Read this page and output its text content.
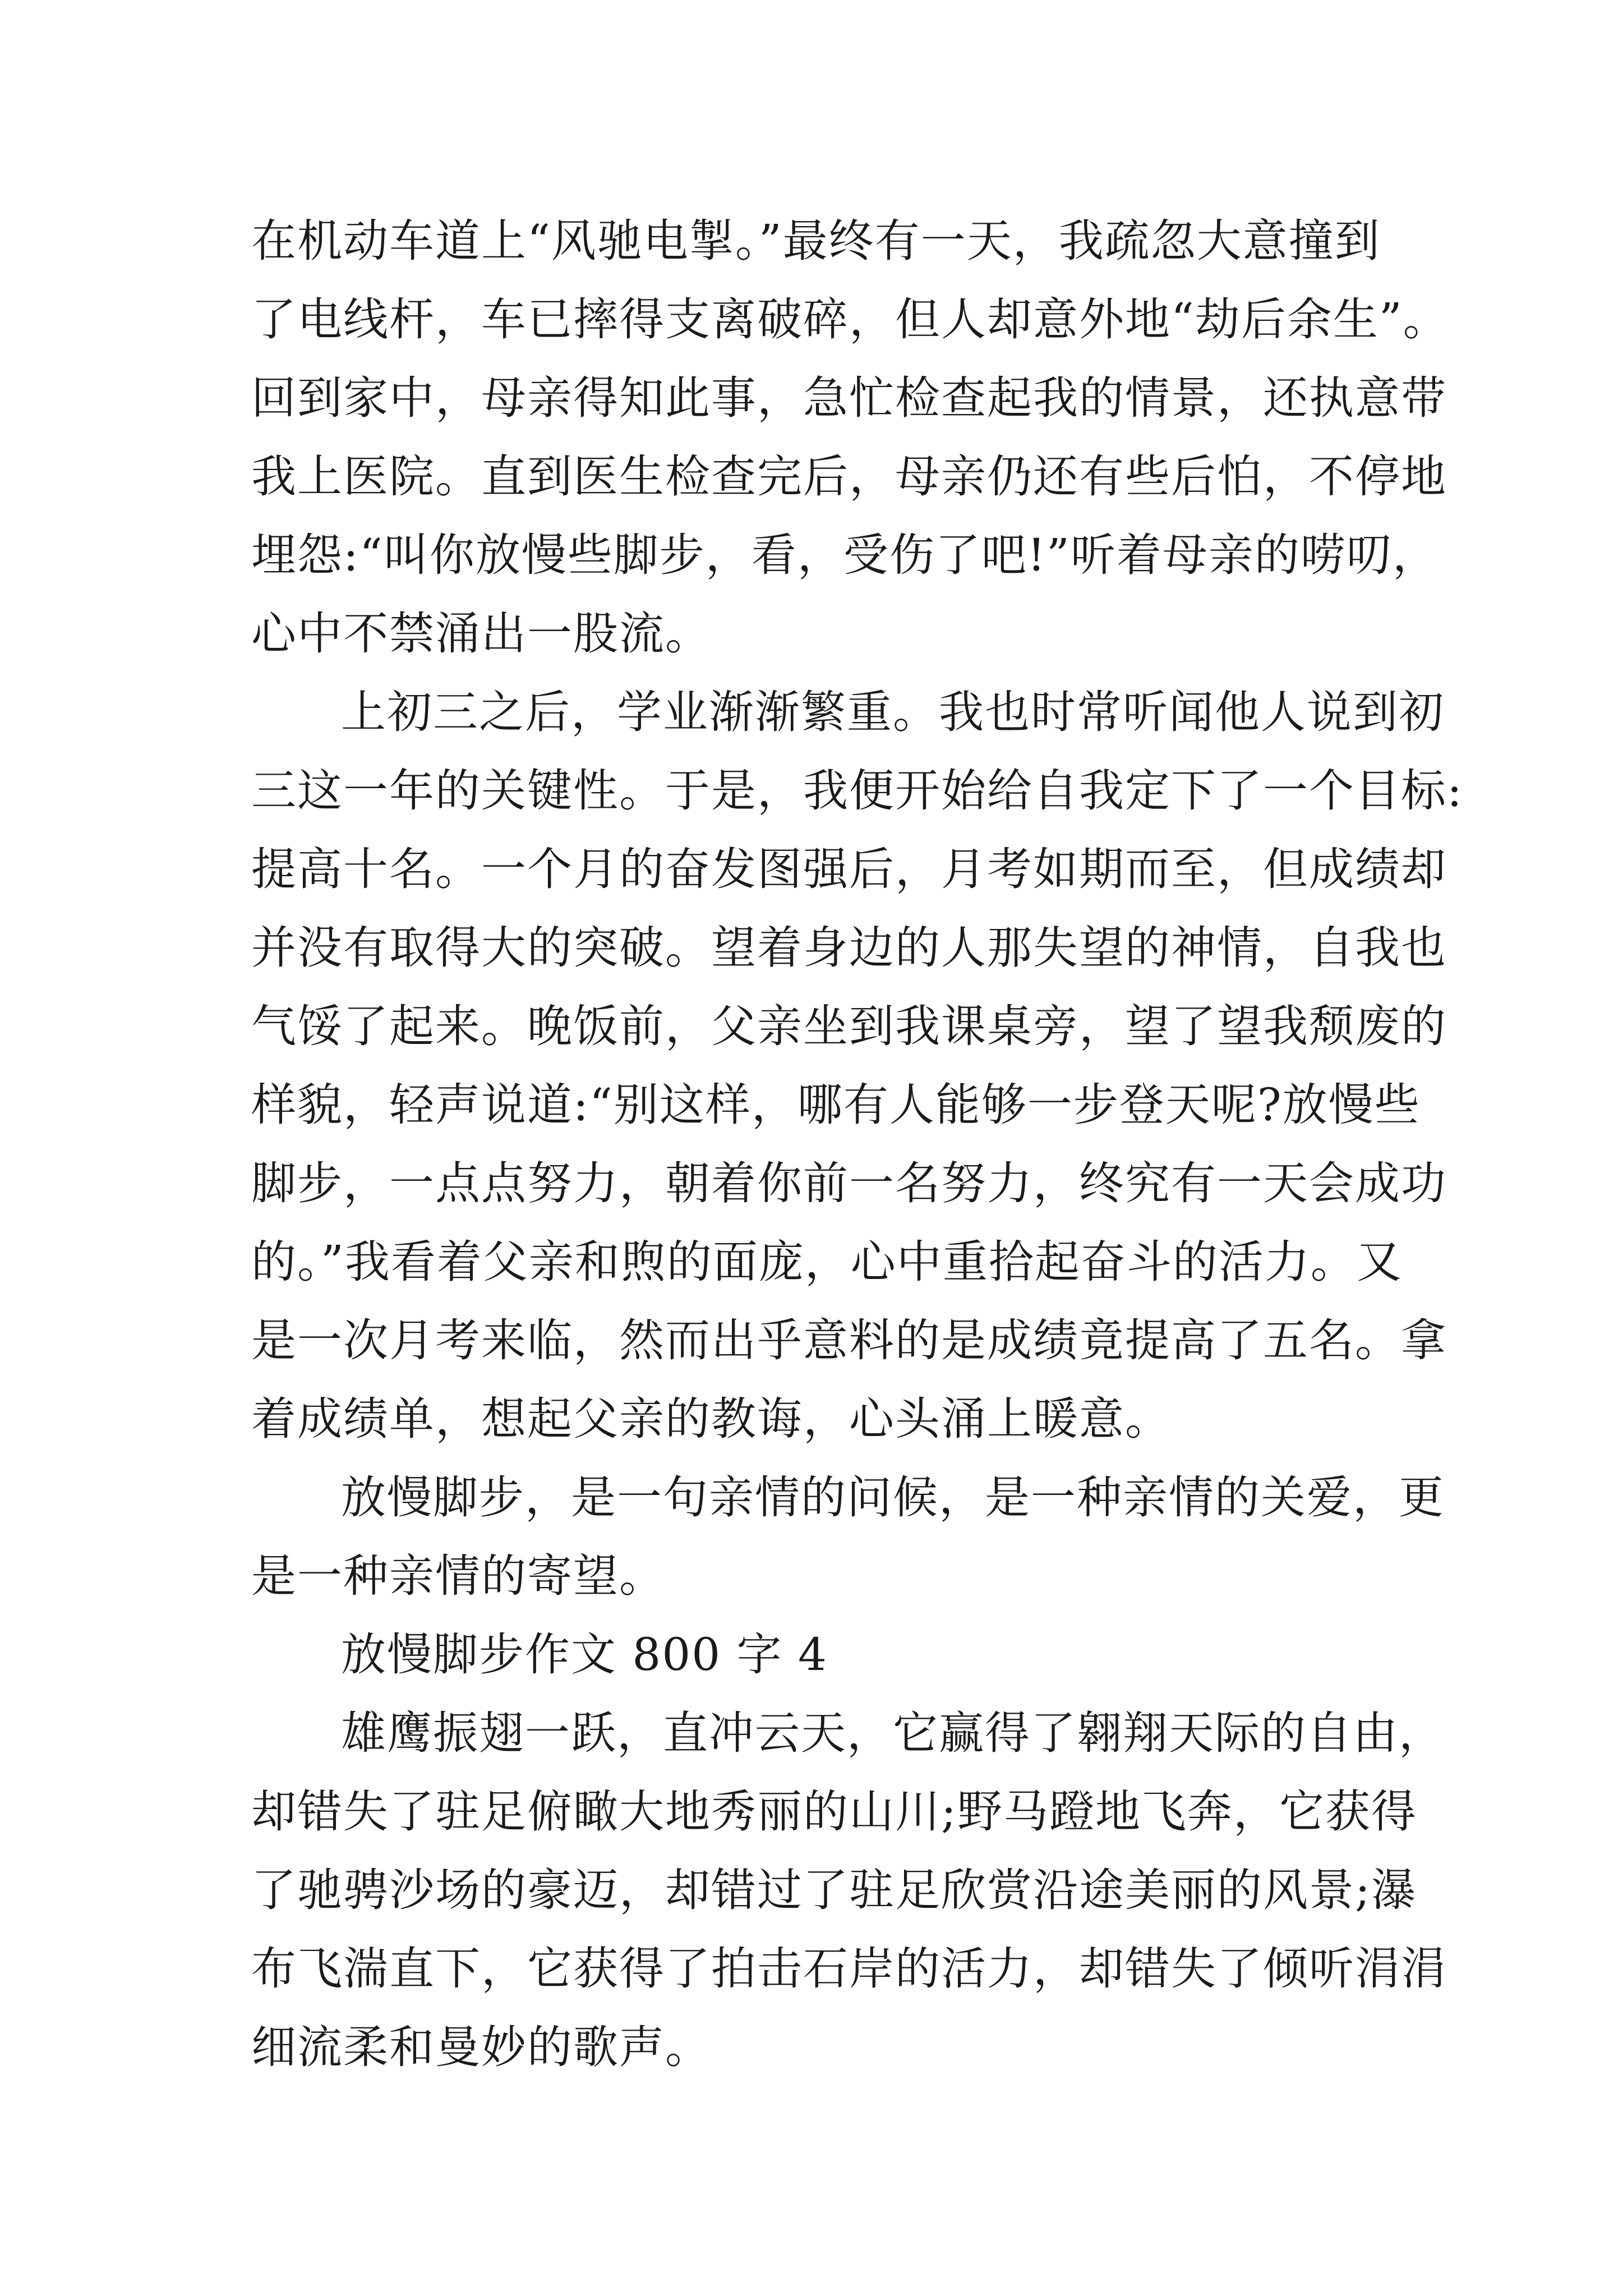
在机动车道上“风驰电掣。”最终有一天，我疏忽大意撞到
了电线杆，车已摔得支离破碎，但人却意外地“劫后余生”。
回到家中，母亲得知此事，急忙检查起我的情景，还执意带
我上医院。直到医生检查完后，母亲仍还有些后怕，不停地
埋怨:“叫你放慢些脚步，看，受伤了吧!”听着母亲的唠叨，
心中不禁涌出一股流。
上初三之后，学业渐渐繁重。我也时常听闻他人说到初
三这一年的关键性。于是，我便开始给自我定下了一个目标:
提高十名。一个月的奋发图强后，月考如期而至，但成绩却
并没有取得大的突破。望着身边的人那失望的神情，自我也
气馁了起来。晚饭前，父亲坐到我课桌旁，望了望我颓废的
样貌，轻声说道:“别这样，哪有人能够一步登天呢?放慢些
脚步，一点点努力，朝着你前一名努力，终究有一天会成功
的。”我看着父亲和煦的面庞，心中重拾起奋斗的活力。又
是一次月考来临，然而出乎意料的是成绩竟提高了五名。拿
着成绩单，想起父亲的教诲，心头涌上暖意。
放慢脚步，是一句亲情的问候，是一种亲情的关爱，更
是一种亲情的寄望。
放慢脚步作文 800 字 4
雄鹰振翅一跃，直冲云天，它赢得了翱翔天际的自由，
却错失了驻足俯瞰大地秀丽的山川;野马蹬地飞奔，它获得
了驰骋沙场的豪迈，却错过了驻足欣赏沿途美丽的风景;瀑
布飞湍直下，它获得了拍击石岸的活力，却错失了倾听涓涓
细流柔和曼妙的歌声。
